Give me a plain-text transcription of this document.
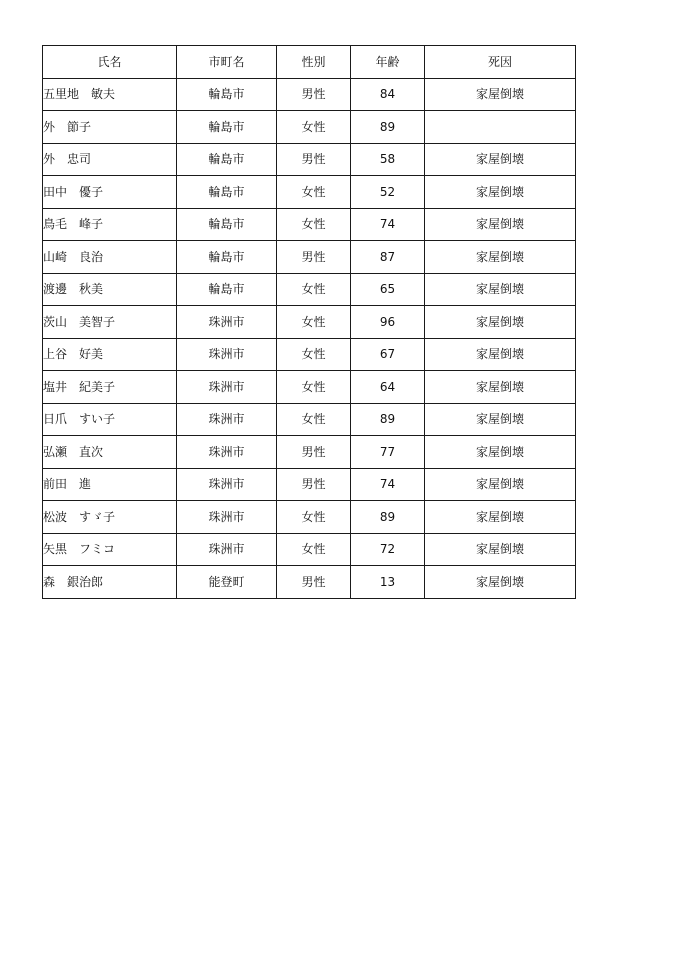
氏名	市町名	性別	年齢	死因
五里地　敏夫	輪島市	男性	84	家屋倒壊
外　節子	輪島市	女性	89	
外　忠司	輪島市	男性	58	家屋倒壊
田中　優子	輪島市	女性	52	家屋倒壊
鳥毛　峰子	輪島市	女性	74	家屋倒壊
山崎　良治	輪島市	男性	87	家屋倒壊
渡邊　秋美	輪島市	女性	65	家屋倒壊
茨山　美智子	珠洲市	女性	96	家屋倒壊
上谷　好美	珠洲市	女性	67	家屋倒壊
塩井　紀美子	珠洲市	女性	64	家屋倒壊
日爪　すい子	珠洲市	女性	89	家屋倒壊
弘瀬　直次	珠洲市	男性	77	家屋倒壊
前田　進	珠洲市	男性	74	家屋倒壊
松波　すゞ子	珠洲市	女性	89	家屋倒壊
矢黒　フミコ	珠洲市	女性	72	家屋倒壊
森　銀治郎	能登町	男性	13	家屋倒壊
